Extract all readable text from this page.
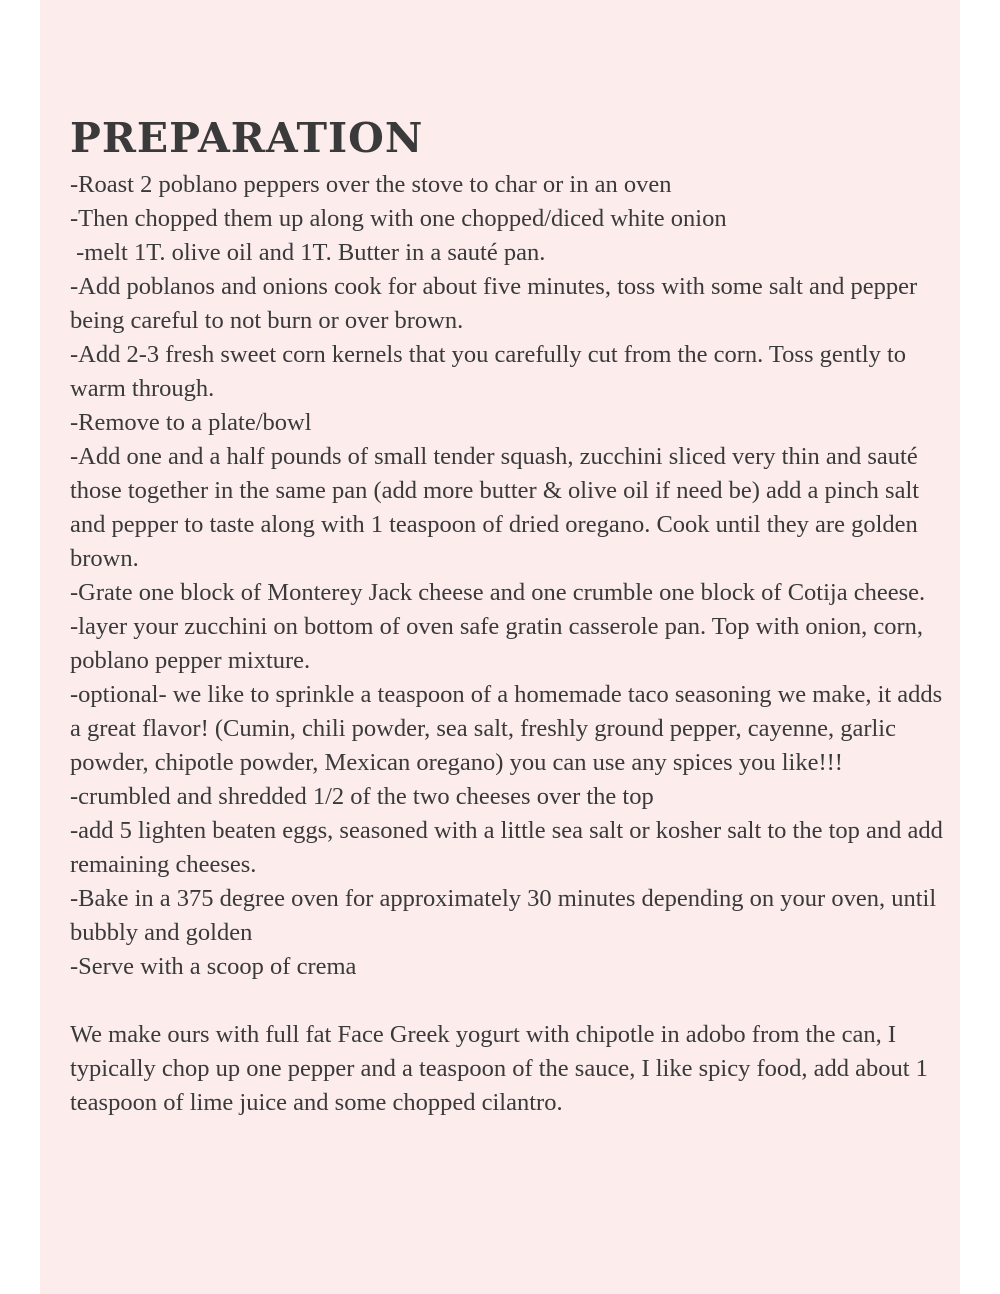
PREPARATION
-Roast 2 poblano peppers over the stove to char or in an oven
-Then chopped them up along with one chopped/diced white onion
-melt 1T. olive oil and 1T. Butter in a sauté pan.
-Add poblanos and onions cook for about five minutes, toss with some salt and pepper being careful to not burn or over brown.
-Add 2-3 fresh sweet corn kernels that you carefully cut from the corn. Toss gently to warm through.
-Remove to a plate/bowl
-Add one and a half pounds of small tender squash, zucchini sliced very thin and sauté those together in the same pan (add more butter & olive oil if need be) add a pinch salt and pepper to taste along with 1 teaspoon of dried oregano. Cook until they are golden brown.
-Grate one block of Monterey Jack cheese and one crumble one block of Cotija cheese.
-layer your zucchini on bottom of oven safe gratin casserole pan. Top with onion, corn, poblano pepper mixture.
-optional- we like to sprinkle a teaspoon of a homemade taco seasoning we make, it adds a great flavor! (Cumin, chili powder, sea salt, freshly ground pepper, cayenne, garlic powder, chipotle powder, Mexican oregano) you can use any spices you like!!!
-crumbled and shredded 1/2 of the two cheeses over the top
-add 5 lighten beaten eggs, seasoned with a little sea salt or kosher salt to the top and add remaining cheeses.
-Bake in a 375 degree oven for approximately 30 minutes depending on your oven, until bubbly and golden
-Serve with a scoop of crema

We make ours with full fat Face Greek yogurt with chipotle in adobo from the can, I typically chop up one pepper and a teaspoon of the sauce, I like spicy food, add about 1 teaspoon of lime juice and some chopped cilantro.
